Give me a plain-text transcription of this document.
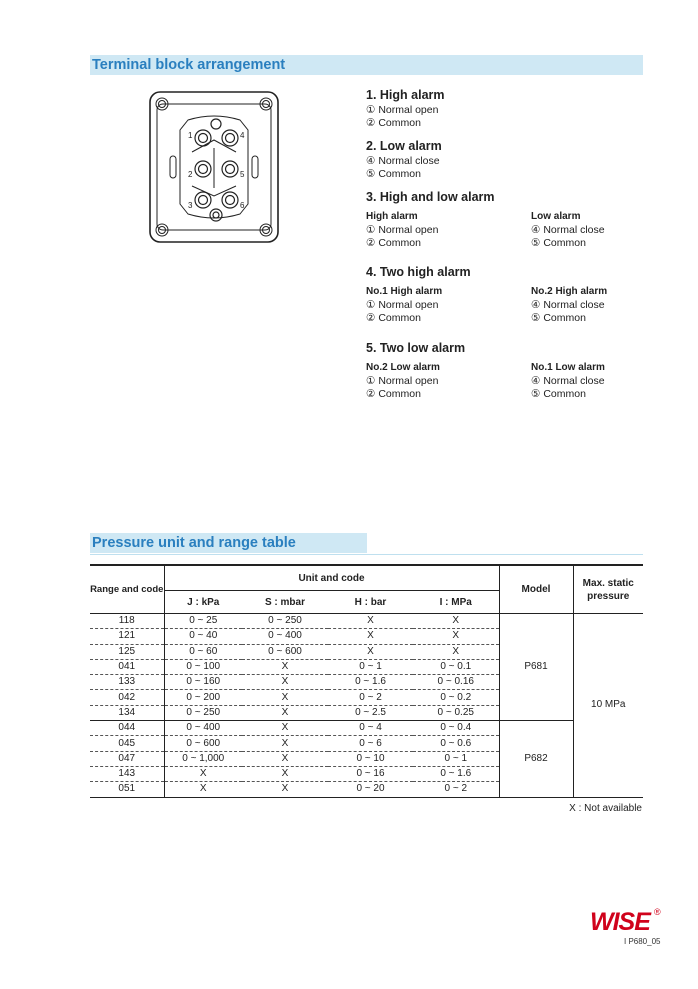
Terminal block arrangement
1
2
3
4
5
6
1. High alarm
① Normal open
② Common
2. Low alarm
④ Normal close
⑤ Common
3. High and low alarm
High alarm
① Normal open
② Common
Low alarm
④ Normal close
⑤ Common
4. Two high alarm
No.1 High alarm
① Normal open
② Common
No.2 High alarm
④ Normal close
⑤ Common
5. Two low alarm
No.2 Low alarm
① Normal open
② Common
No.1 Low alarm
④ Normal close
⑤ Common
Pressure unit and range table
Range and code	Unit and code				Model	Max. static pressure
	J : kPa	S : mbar	H : bar	I : MPa		
118	0 ~ 25	0 ~ 250	X	X	P681	10 MPa
121	0 ~ 40	0 ~ 400	X	X		
125	0 ~ 60	0 ~ 600	X	X		
041	0 ~ 100	X	0 ~ 1	0 ~ 0.1		
133	0 ~ 160	X	0 ~ 1.6	0 ~ 0.16		
042	0 ~ 200	X	0 ~ 2	0 ~ 0.2		
134	0 ~ 250	X	0 ~ 2.5	0 ~ 0.25		
044	0 ~ 400	X	0 ~ 4	0 ~ 0.4	P682	
045	0 ~ 600	X	0 ~ 6	0 ~ 0.6		
047	0 ~ 1,000	X	0 ~ 10	0 ~ 1		
143	X	X	0 ~ 16	0 ~ 1.6		
051	X	X	0 ~ 20	0 ~ 2		
X : Not available
WISE ®
I P680_05
